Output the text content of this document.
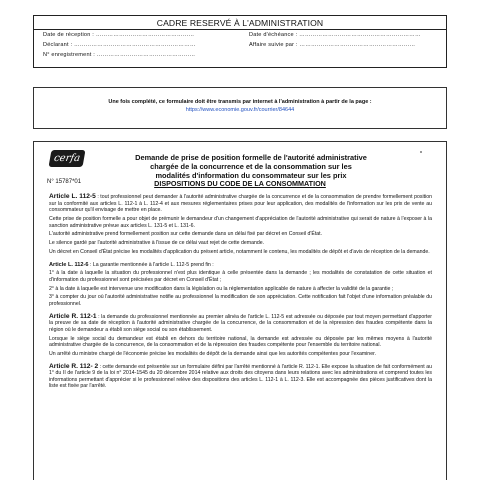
CADRE RESERVÉ À L'ADMINISTRATION
Date de réception : ……………………………………………
Déclarant : ………………………………………………………
N° enregistrement : ……………………………………………
Date d'échéance : ………………………………………………………
Affaire suivie par : ……………………………………………………
Une fois complété, ce formulaire doit être transmis par internet à l'administration à partir de la page :
https://www.economie.gouv.fr/courrier/84644
cerfa
N° 15787*01
Demande de prise de position formelle de l'autorité administrative chargée de la concurrence et de la consommation sur les modalités d'information du consommateur sur les prix
DISPOSITIONS DU CODE DE LA CONSOMMATION

Article L. 112-5 : tout professionnel peut demander à l'autorité administrative chargée de la concurrence et de la consommation de prendre formellement position sur la conformité aux articles L. 112-1 à L. 112-4 et aux mesures réglementaires prises pour leur application, des modalités de l'information sur les prix de vente au consommateur qu'il envisage de mettre en place.

Cette prise de position formelle a pour objet de prémunir le demandeur d'un changement d'appréciation de l'autorité administrative qui serait de nature à l'exposer à la sanction administrative prévue aux articles L. 131-5 et L. 131-6.

L'autorité administrative prend formellement position sur cette demande dans un délai fixé par décret en Conseil d'État.

Le silence gardé par l'autorité administrative à l'issue de ce délai vaut rejet de cette demande.

Un décret en Conseil d'État précise les modalités d'application du présent article, notamment le contenu, les modalités de dépôt et d'avis de réception de la demande.

Article L. 112-6 : La garantie mentionnée à l'article L. 112-5 prend fin :

1° à la date à laquelle la situation du professionnel n'est plus identique à celle présentée dans la demande ; les modalités de constatation de cette situation et d'information du professionnel sont précisées par décret en Conseil d'État ;

2° à la date à laquelle est intervenue une modification dans la législation ou la réglementation applicable de nature à affecter la validité de la garantie ;

3° à compter du jour où l'autorité administrative notifie au professionnel la modification de son appréciation. Cette notification fait l'objet d'une information préalable du professionnel.

Article R. 112-1 : la demande du professionnel mentionnée au premier alinéa de l'article L. 112-5 est adressée ou déposée par tout moyen permettant d'apporter la preuve de sa date de réception à l'autorité administrative chargée de la concurrence, de la consommation et de la répression des fraudes compétente dans la région où le demandeur a établi son siège social ou son établissement.

Lorsque le siège social du demandeur est établi en dehors du territoire national, la demande est adressée ou déposée par les mêmes moyens à l'autorité administrative chargée de la concurrence, de la consommation et de la répression des fraudes compétente pour l'ensemble du territoire national.

Un arrêté du ministre chargé de l'économie précise les modalités de dépôt de la demande ainsi que les autorités compétentes pour l'examiner.

Article R. 112- 2 : cette demande est présentée sur un formulaire défini par l'arrêté mentionné à l'article R. 112-1. Elle expose la situation de fait conformément au 1° du II de l'article 9 de la loi n° 2014-1545 du 20 décembre 2014 relative aux droits des citoyens dans leurs relations avec les administrations et comprend toutes les informations permettant d'apprécier si le professionnel relève des dispositions des articles L. 112-1 à L. 112-3. Elle est accompagnée des pièces justificatives dont la liste est fixée par l'arrêté.
